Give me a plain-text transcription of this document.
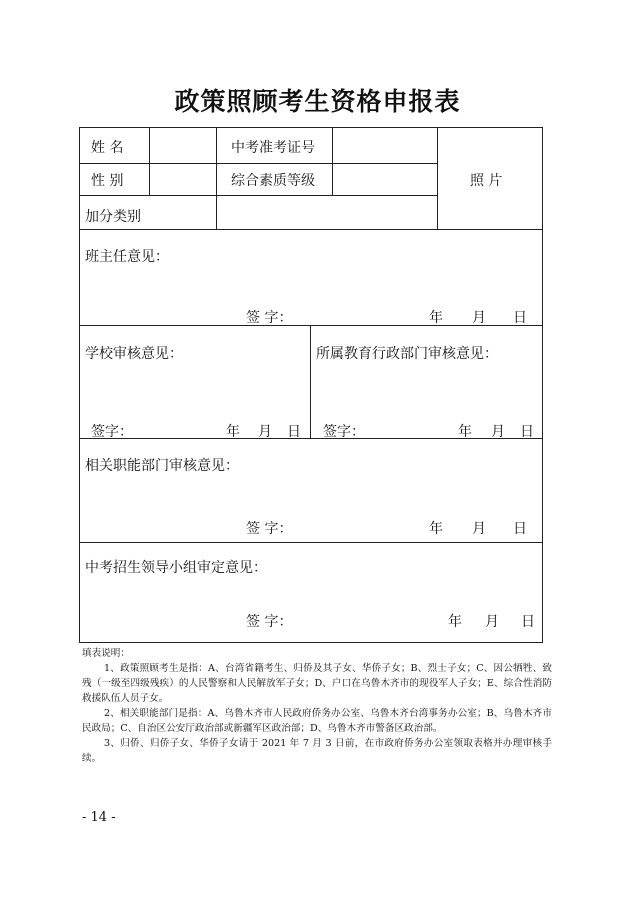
政策照顾考生资格申报表
姓 名	中考准考证号
性 别	综合素质等级	照 片
加分类别
班主任意见：
签 字：	年 月 日
学校审核意见：
签字：	年 月 日
所属教育行政部门审核意见：
签字：	年 月 日
相关职能部门审核意见：
签 字：	年 月 日
中考招生领导小组审定意见：
签 字：	年 月 日
填表说明：
1、政策照顾考生是指：A、台湾省籍考生、归侨及其子女、华侨子女；B、烈士子女；C、因公牺牲、致残（一级至四级残疾）的人民警察和人民解放军子女；D、户口在乌鲁木齐市的现役军人子女；E、综合性消防救援队伍人员子女。
2、相关职能部门是指：A、乌鲁木齐市人民政府侨务办公室、乌鲁木齐台湾事务办公室；B、乌鲁木齐市民政局；C、自治区公安厅政治部或新疆军区政治部；D、乌鲁木齐市警备区政治部。
3、归侨、归侨子女、华侨子女请于 2021 年 7 月 3 日前，在市政府侨务办公室领取表格并办理审核手续。
- 14 -
